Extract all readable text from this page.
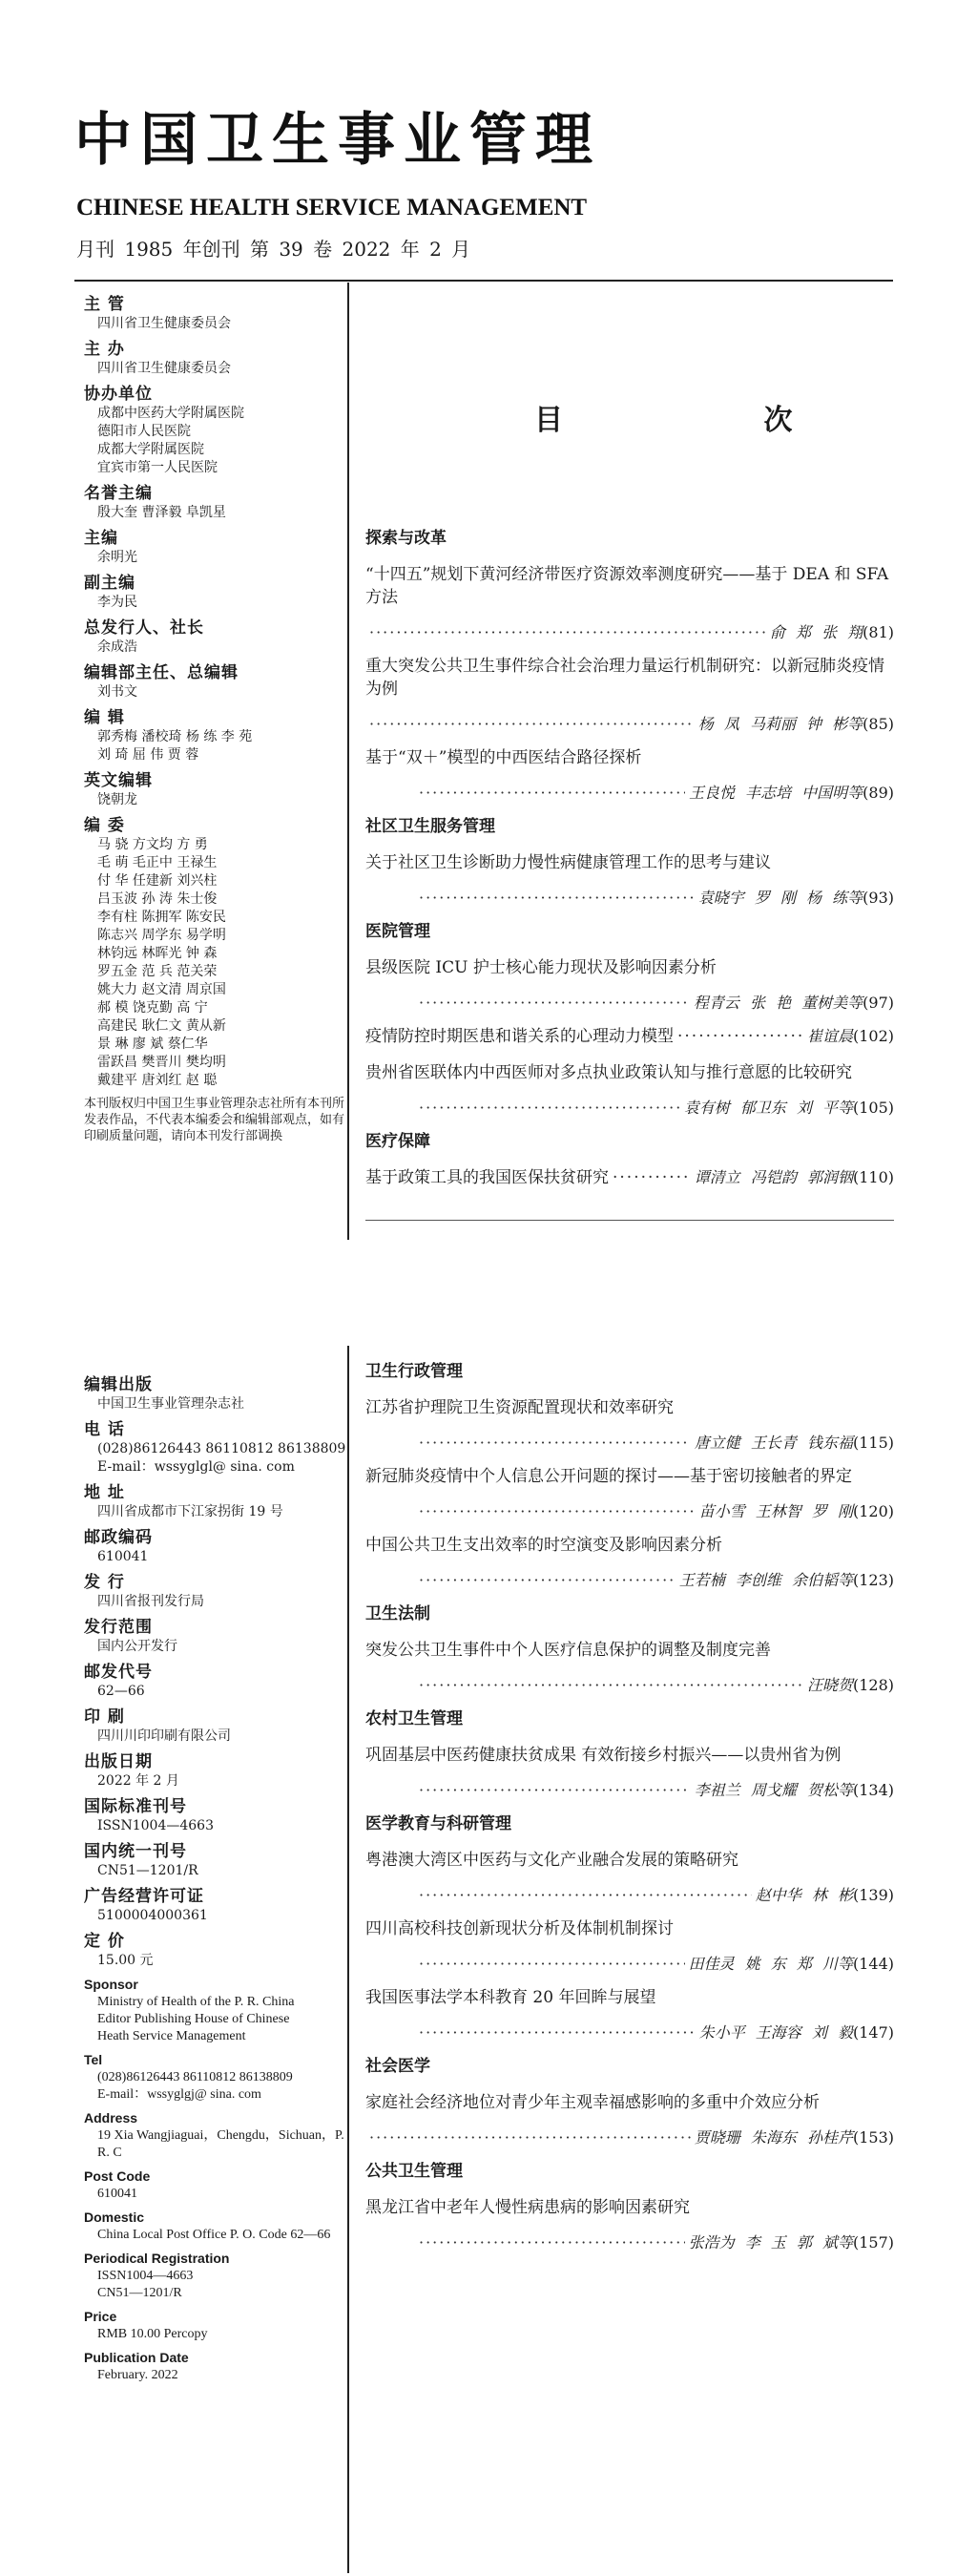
中国卫生事业管理
CHINESE HEALTH SERVICE MANAGEMENT
月刊 1985 年创刊 第 39 卷 2022 年 2 月
主 管
四川省卫生健康委员会
主 办
四川省卫生健康委员会
协办单位
成都中医药大学附属医院
德阳市人民医院
成都大学附属医院
宜宾市第一人民医院
名誉主编
殷大奎 曹泽毅 阜凯星
主编
余明光
副主编
李为民
总发行人、社长
余成浩
编辑部主任、总编辑
刘书文
编 辑
郭秀梅 潘校琦 杨 练 李 苑
刘 琦 屈 伟 贾 蓉
英文编辑
饶朝龙
编 委
马 骁 方文均 方 勇
毛 萌 毛正中 王禄生
付 华 任建新 刘兴柱
吕玉波 孙 涛 朱士俊
李有柱 陈拥军 陈安民
陈志兴 周学东 易学明
林钧远 林晖光 钟 森
罗五金 范 兵 范关荣
姚大力 赵文清 周京国
郝 模 饶克勤 高 宁
高建民 耿仁文 黄从新
景 琳 廖 斌 蔡仁华
雷跃昌 樊晋川 樊均明
戴建平 唐刘红 赵 聪
本刊版权归中国卫生事业管理杂志社所有本刊所发表作品，不代表本编委会和编辑部观点，如有印刷质量问题，请向本刊发行部调换
编辑出版
中国卫生事业管理杂志社
电 话
(028)86126443 86110812 86138809
E-mail：wssyglgl@ sina. com
地 址
四川省成都市下江家拐街 19 号
邮政编码
610041
发 行
四川省报刊发行局
发行范围
国内公开发行
邮发代号
62—66
印 刷
四川川印印刷有限公司
出版日期
2022 年 2 月
国际标准刊号
ISSN1004—4663
国内统一刊号
CN51—1201/R
广告经营许可证
5100004000361
定 价
15.00 元
Sponsor
Ministry of Health of the P. R. China
Editor Publishing House of Chinese
Heath Service Management
Tel
(028)86126443 86110812 86138809
E-mail：wssyglgj@ sina. com
Address
19 Xia Wangjiaguai，Chengdu，Sichuan，P. R. C
Post Code
610041
Domestic
China Local Post Office P. O. Code 62—66
Periodical Registration
ISSN1004—4663
CN51—1201/R
Price
RMB 10.00 Percopy
Publication Date
February. 2022
目 次
探索与改革
“十四五”规划下黄河经济带医疗资源效率测度研究——基于 DEA 和 SFA 方法
·····
俞 郑 张 翔 (81)
重大突发公共卫生事件综合社会治理力量运行机制研究：以新冠肺炎疫情为例
·····
杨 凤 马莉丽 钟 彬等 (85)
基于“双＋”模型的中西医结合路径探析
·····
王良悦 丰志培 中国明等 (89)
社区卫生服务管理
关于社区卫生诊断助力慢性病健康管理工作的思考与建议
·····
袁晓宇 罗 刚 杨 练等 (93)
医院管理
县级医院 ICU 护士核心能力现状及影响因素分析
·····
程青云 张 艳 董树美等 (97)
疫情防控时期医患和谐关系的心理动力模型 ·····	崔谊晨 (102)
贵州省医联体内中西医师对多点执业政策认知与推行意愿的比较研究
·····
袁有树 郁卫东 刘 平等 (105)
医疗保障
基于政策工具的我国医保扶贫研究 ·····	谭清立 冯铠韵 郭润铟 (110)
卫生行政管理
江苏省护理院卫生资源配置现状和效率研究
·····
唐立健 王长青 钱东福 (115)
新冠肺炎疫情中个人信息公开问题的探讨——基于密切接触者的界定
·····
苗小雪 王林智 罗 刚 (120)
中国公共卫生支出效率的时空演变及影响因素分析
·····
王若楠 李创维 余伯韬等 (123)
卫生法制
突发公共卫生事件中个人医疗信息保护的调整及制度完善
·····
汪晓贺 (128)
农村卫生管理
巩固基层中医药健康扶贫成果 有效衔接乡村振兴——以贵州省为例
·····
李祖兰 周戈耀 贺松等 (134)
医学教育与科研管理
粤港澳大湾区中医药与文化产业融合发展的策略研究
·····
赵中华 林 彬 (139)
四川高校科技创新现状分析及体制机制探讨
·····
田佳灵 姚 东 郑 川等 (144)
我国医事法学本科教育 20 年回眸与展望
·····
朱小平 王海容 刘 毅 (147)
社会医学
家庭社会经济地位对青少年主观幸福感影响的多重中介效应分析
·····
贾晓珊 朱海东 孙桂芹 (153)
公共卫生管理
黑龙江省中老年人慢性病患病的影响因素研究
·····
张浩为 李 玉 郭 斌等 (157)
